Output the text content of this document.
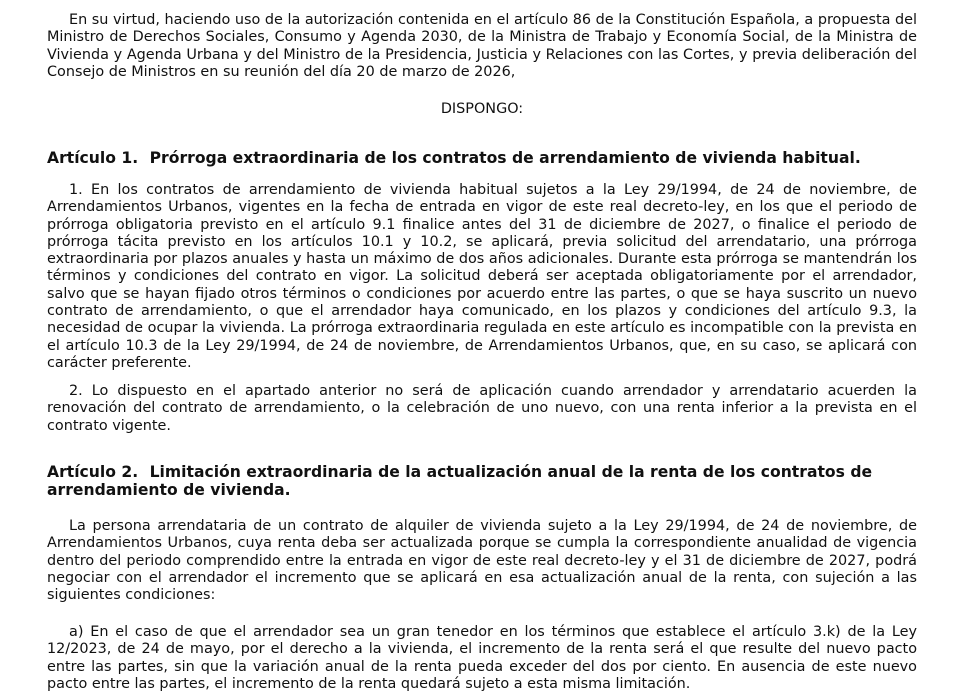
En su virtud, haciendo uso de la autorización contenida en el artículo 86 de la Constitución Española, a propuesta del Ministro de Derechos Sociales, Consumo y Agenda 2030, de la Ministra de Trabajo y Economía Social, de la Ministra de Vivienda y Agenda Urbana y del Ministro de la Presidencia, Justicia y Relaciones con las Cortes, y previa deliberación del Consejo de Ministros en su reunión del día 20 de marzo de 2026,

DISPONGO:

Artículo 1. Prórroga extraordinaria de los contratos de arrendamiento de vivienda habitual.

1. En los contratos de arrendamiento de vivienda habitual sujetos a la Ley 29/1994, de 24 de noviembre, de Arrendamientos Urbanos, vigentes en la fecha de entrada en vigor de este real decreto-ley, en los que el periodo de prórroga obligatoria previsto en el artículo 9.1 finalice antes del 31 de diciembre de 2027, o finalice el periodo de prórroga tácita previsto en los artículos 10.1 y 10.2, se aplicará, previa solicitud del arrendatario, una prórroga extraordinaria por plazos anuales y hasta un máximo de dos años adicionales. Durante esta prórroga se mantendrán los términos y condiciones del contrato en vigor. La solicitud deberá ser aceptada obligatoriamente por el arrendador, salvo que se hayan fijado otros términos o condiciones por acuerdo entre las partes, o que se haya suscrito un nuevo contrato de arrendamiento, o que el arrendador haya comunicado, en los plazos y condiciones del artículo 9.3, la necesidad de ocupar la vivienda. La prórroga extraordinaria regulada en este artículo es incompatible con la prevista en el artículo 10.3 de la Ley 29/1994, de 24 de noviembre, de Arrendamientos Urbanos, que, en su caso, se aplicará con carácter preferente.

2. Lo dispuesto en el apartado anterior no será de aplicación cuando arrendador y arrendatario acuerden la renovación del contrato de arrendamiento, o la celebración de uno nuevo, con una renta inferior a la prevista en el contrato vigente.

Artículo 2. Limitación extraordinaria de la actualización anual de la renta de los contratos de arrendamiento de vivienda.

La persona arrendataria de un contrato de alquiler de vivienda sujeto a la Ley 29/1994, de 24 de noviembre, de Arrendamientos Urbanos, cuya renta deba ser actualizada porque se cumpla la correspondiente anualidad de vigencia dentro del periodo comprendido entre la entrada en vigor de este real decreto-ley y el 31 de diciembre de 2027, podrá negociar con el arrendador el incremento que se aplicará en esa actualización anual de la renta, con sujeción a las siguientes condiciones:

a) En el caso de que el arrendador sea un gran tenedor en los términos que establece el artículo 3.k) de la Ley 12/2023, de 24 de mayo, por el derecho a la vivienda, el incremento de la renta será el que resulte del nuevo pacto entre las partes, sin que la variación anual de la renta pueda exceder del dos por ciento. En ausencia de este nuevo pacto entre las partes, el incremento de la renta quedará sujeto a esta misma limitación.
